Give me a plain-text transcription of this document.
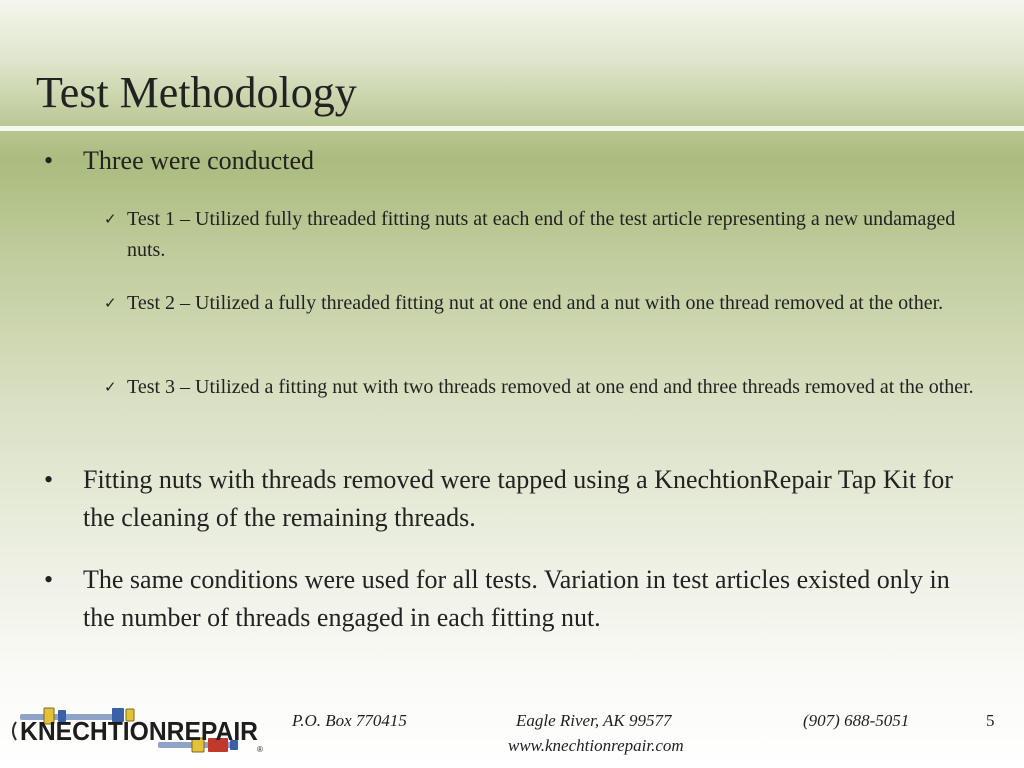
Test Methodology
• Three were conducted
✓ Test 1 – Utilized fully threaded fitting nuts at each end of the test article representing a new undamaged nuts.
✓ Test 2 – Utilized a fully threaded fitting nut at one end and a nut with one thread removed at the other.
✓ Test 3 – Utilized a fitting nut with two threads removed at one end and three threads removed at the other.
• Fitting nuts with threads removed were tapped using a KnechtionRepair Tap Kit for the cleaning of the remaining threads.
• The same conditions were used for all tests. Variation in test articles existed only in the number of threads engaged in each fitting nut.
KNECHTIONREPAIR
®
P.O. Box 770415	Eagle River, AK 99577	(907) 688-5051	5
www.knechtionrepair.com
